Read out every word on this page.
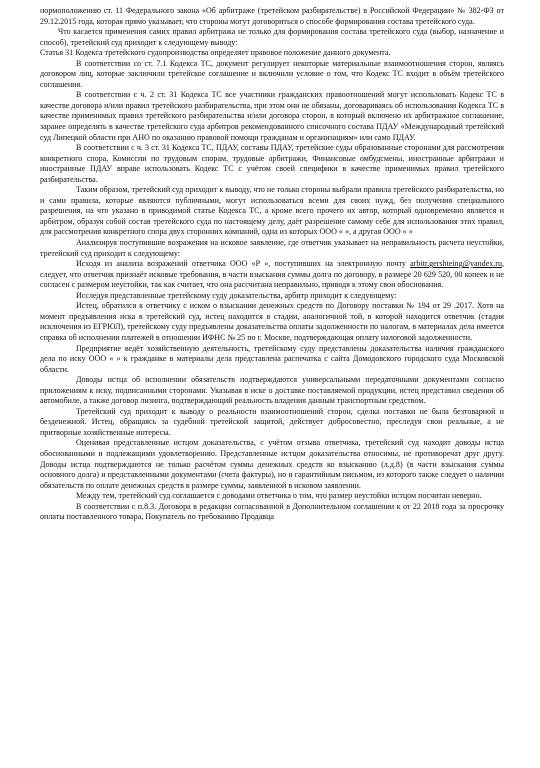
нормоположению ст. 11 Федерального закона «Об арбитраже (третейском разбирательстве) в Российской Федерации» № 382-ФЗ от 29.12.2015 года, которая прямо указывает, что стороны могут договориться о способе формирования состава третейского суда.

Что касается применения самих правил арбитража не только для формирования состава третейского суда (выбор, назначение и способ), третейский суд приходит к следующему выводу:

Статья 31 Кодекса третейского судопроизводства определяет правовое положение данного документа.

В соответствии со ст. 7.1 Кодекса ТС, документ регулирует некоторые материальные взаимоотношения сторон, являясь договором лиц, которые заключили третейское соглашение и включили условие о том, что Кодекс ТС входит в объём третейского соглашения.

В соответствии с ч. 2 ст. 31 Кодекса ТС все участники гражданских правоотношений могут использовать Кодекс ТС в качестве договора и/или правил третейского разбирательства, при этом они не обязаны, договариваясь об использовании Кодекса ТС в качестве применимых правил третейского разбирательства и/или договора сторон, в который включено их арбитражное соглашение, заранее определять в качестве третейского суда арбитров рекомендованного списочного состава ПДАУ «Международный третейский суд Липецкой области при АНО по оказанию правовой помощи гражданам и организациям» или само ПДАУ.

В соответствии с ч. 3 ст. 31 Кодекса ТС, ПДАУ, составы ПДАУ, третейские суды образованные сторонами для рассмотрения конкретного спора, Комиссии по трудовым спорам, трудовые арбитражи, Финансовые омбудсмены, иностранные арбитражи и иностранные ПДАУ вправе использовать Кодекс ТС с учётом своей специфики в качестве применимых правил третейского разбирательства.

Таким образом, третейский суд приходит к выводу, что не только стороны выбрали правила третейского разбирательства, но и сами правила, которые являются публичными, могут использоваться всеми для своих нужд, без получения специального разрешения, на что указано в приводимой статье Кодекса ТС, а кроме всего прочего их автор, который одновременно является и арбитром, образуя собой состав третейского суда по настоящему делу, даёт разрешение самому себе для использования этих правил, для рассмотрения конкретного спора двух сторонних компаний, одна из которых ООО « », а другая ООО « »

Анализируя поступившие возражения на исковое заявление, где ответчик указывает на неправильность расчета неустойки, третейский суд приходит к следующему:

Исходя из анализа возражений ответчика ООО «Р », поступивших на электронную почту arbitr.gershteing@yandex.ru, следует, что ответчик признаёт исковые требования, в части взыскания суммы долга по договору, в размере 20 629 520, 00 копеек и не согласен с размером неустойки, так как считает, что она рассчитана неправильно, приводя к этому свои обоснования.

Исследуя представленные третейскому суду доказательства, арбитр приходит к следующему:

Истец, обратился к ответчику с иском о взыскании денежных средств по Договору поставки № 194 от 29 .2017. Хотя на момент предъявления иска в третейский суд, истец находится в стадии, аналогичной той, в которой находится ответчик (стадия исключения из ЕГРЮЛ), третейскому суду предъявлены доказательства оплаты задолженности по налогам, в материалах дела имеется справка об исполнении платежей в отношении ИФНС № 25 по г. Москве, подтверждающая оплату налоговой задолженности.

Предприятие ведёт хозяйственную деятельность, третейскому суду представлены доказательства наличия гражданского дела по иску ООО « » к гражданке в материалы дела представлена распечатка с сайта Домодовского городского суда Московской области.

Доводы истца об исполнении обязательств подтверждаются универсальными передаточными документами согласно приложениям к иску, подписанными сторонами. Указывая в иске о доставке поставляемой продукции, истец представил сведения об автомобиле, а также договор лизинга, подтверждающий реальность владения данным транспортным средством.

Третейский суд приходит к выводу о реальности взаимоотношений сторон, сделка поставки не была безтоварной и безденежной. Истец, обращаясь за судебной третейской защитой, действует добросовестно, преследуя свои реальные, а не притворные хозяйственные интересы.

Оценивая представленные истцом доказательства, с учётом отзыва ответчика, третейский суд находит доводы истца обоснованными и подлежащими удовлетворению. Представленные истцом доказательства относимы, не противоречат друг другу. Доводы истца подтверждаются не только расчётом суммы денежных средств ко взысканию (л.д.8) (в части взыскания суммы основного долга) и представленными документами (счета фактуры), но и гарантийным письмом, из которого также следует о наличии обязательств по оплате денежных средств в размере суммы, заявленной в исковом заявлении.

Между тем, третейский суд соглашается с доводами ответчика о том, что размер неустойки истцом посчитан неверно.

В соответствии с п.8.3. Договора в редакции согласованной в Дополнительном соглашении к от 22 2018 года за просрочку оплаты поставленного товара, Покупатель по требованию Продавца
